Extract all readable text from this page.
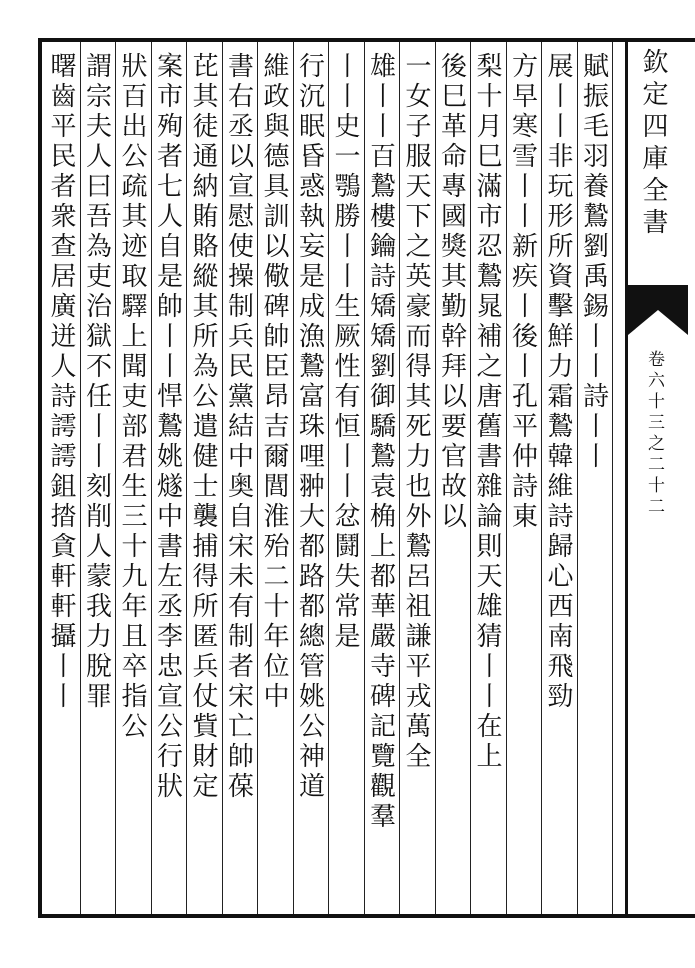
欽定四庫全書
卷六十三之二十二
賦振毛羽養鷙劉禹錫丨丨詩丨丨
展丨丨非玩形所資擊鮮力霜鷙韓維詩歸心西南飛勁
方早寒雪丨丨新疾丨後丨孔平仲詩東
梨十月巳滿市忍鷙晁補之唐舊書雜論則天雄猜丨丨在上
後巳革命專國獎其勤幹拜以要官故以
一女子服天下之英豪而得其死力也外鷙呂祖謙平戎萬全
雄丨丨百鷙樓鑰詩矯矯劉御驕鷙袁桷上都華嚴寺碑記覽觀羣
丨丨史一鶚勝丨丨生厥性有恒丨丨忿鬪失常是
行沉眠昏惑執妄是成漁鷙富珠哩翀大都路都總管姚公神道
維政與德具訓以儆碑帥臣昂吉爾閭淮殆二十年位中
書右丞以宣慰使操制兵民黨結中奥自宋未有制者宋亡帥葆
芘其徒通納賄賂縱其所為公遣健士襲捕得所匿兵仗貲財定
案市殉者七人自是帥丨丨悍鷙姚燧中書左丞李忠宣公行狀
狀百出公疏其迹取驛上聞吏部君生三十九年且卒指公
謂宗夫人曰吾為吏治獄不任丨丨刻削人蒙我力脫罪
曙齒平民者衆查居廣迸人詩謣謣鉏㧺貪軒軒攝丨丨
